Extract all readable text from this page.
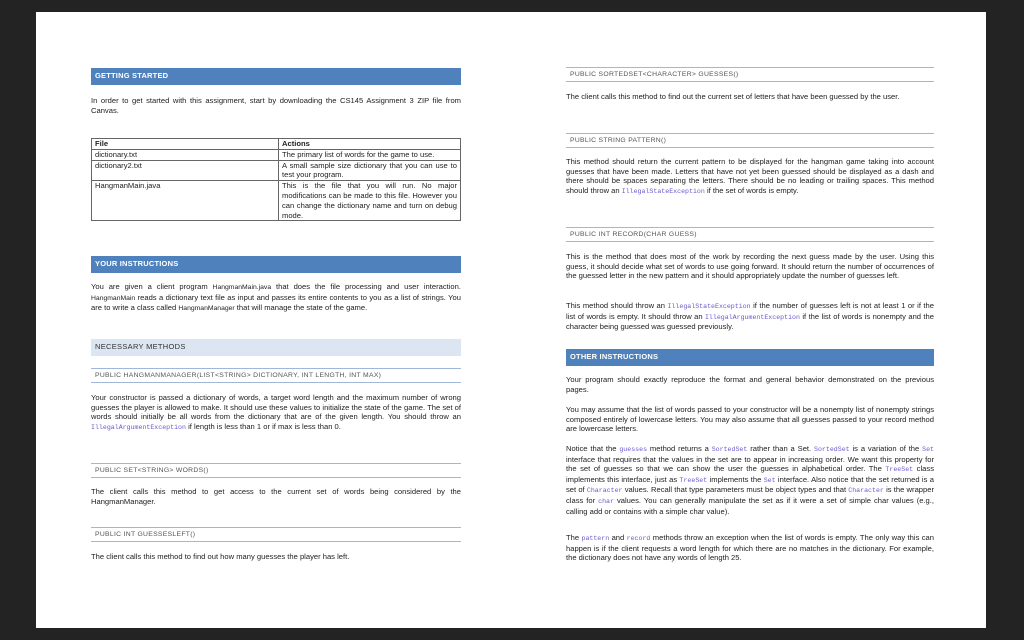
GETTING STARTED
In order to get started with this assignment, start by downloading the CS145 Assignment 3 ZIP file from Canvas.
File	Actions
dictionary.txt	The primary list of words for the game to use.
dictionary2.txt	A small sample size dictionary that you can use to test your program.
HangmanMain.java	This is the file that you will run. No major modifications can be made to this file. However you can change the dictionary name and turn on debug mode.
YOUR INSTRUCTIONS
You are given a client program HangmanMain.java that does the file processing and user interaction. HangmanMain reads a dictionary text file as input and passes its entire contents to you as a list of strings. You are to write a class called HangmanManager that will manage the state of the game.
NECESSARY METHODS
PUBLIC HANGMANMANAGER(LIST<STRING> DICTIONARY, INT LENGTH, INT MAX)
Your constructor is passed a dictionary of words, a target word length and the maximum number of wrong guesses the player is allowed to make. It should use these values to initialize the state of the game. The set of words should initially be all words from the dictionary that are of the given length. You should throw an IllegalArgumentException if length is less than 1 or if max is less than 0.
PUBLIC SET<STRING> WORDS()
The client calls this method to get access to the current set of words being considered by the HangmanManager.
PUBLIC INT GUESSESLEFT()
The client calls this method to find out how many guesses the player has left.
PUBLIC SORTEDSET<CHARACTER> GUESSES()
The client calls this method to find out the current set of letters that have been guessed by the user.
PUBLIC STRING PATTERN()
This method should return the current pattern to be displayed for the hangman game taking into account guesses that have been made. Letters that have not yet been guessed should be displayed as a dash and there should be spaces separating the letters. There should be no leading or trailing spaces. This method should throw an IllegalStateException if the set of words is empty.
PUBLIC INT RECORD(CHAR GUESS)
This is the method that does most of the work by recording the next guess made by the user. Using this guess, it should decide what set of words to use going forward. It should return the number of occurrences of the guessed letter in the new pattern and it should appropriately update the number of guesses left.
This method should throw an IllegalStateException if the number of guesses left is not at least 1 or if the list of words is empty. It should throw an IllegalArgumentException if the list of words is nonempty and the character being guessed was guessed previously.
OTHER INSTRUCTIONS
Your program should exactly reproduce the format and general behavior demonstrated on the previous pages.
You may assume that the list of words passed to your constructor will be a nonempty list of nonempty strings composed entirely of lowercase letters. You may also assume that all guesses passed to your record method are lowercase letters.
Notice that the guesses method returns a SortedSet rather than a Set. SortedSet is a variation of the Set interface that requires that the values in the set are to appear in increasing order. We want this property for the set of guesses so that we can show the user the guesses in alphabetical order. The TreeSet class implements this interface, just as TreeSet implements the Set interface. Also notice that the set returned is a set of Character values. Recall that type parameters must be object types and that Character is the wrapper class for char values. You can generally manipulate the set as if it were a set of simple char values (e.g., calling add or contains with a simple char value).
The pattern and record methods throw an exception when the list of words is empty. The only way this can happen is if the client requests a word length for which there are no matches in the dictionary. For example, the dictionary does not have any words of length 25.
